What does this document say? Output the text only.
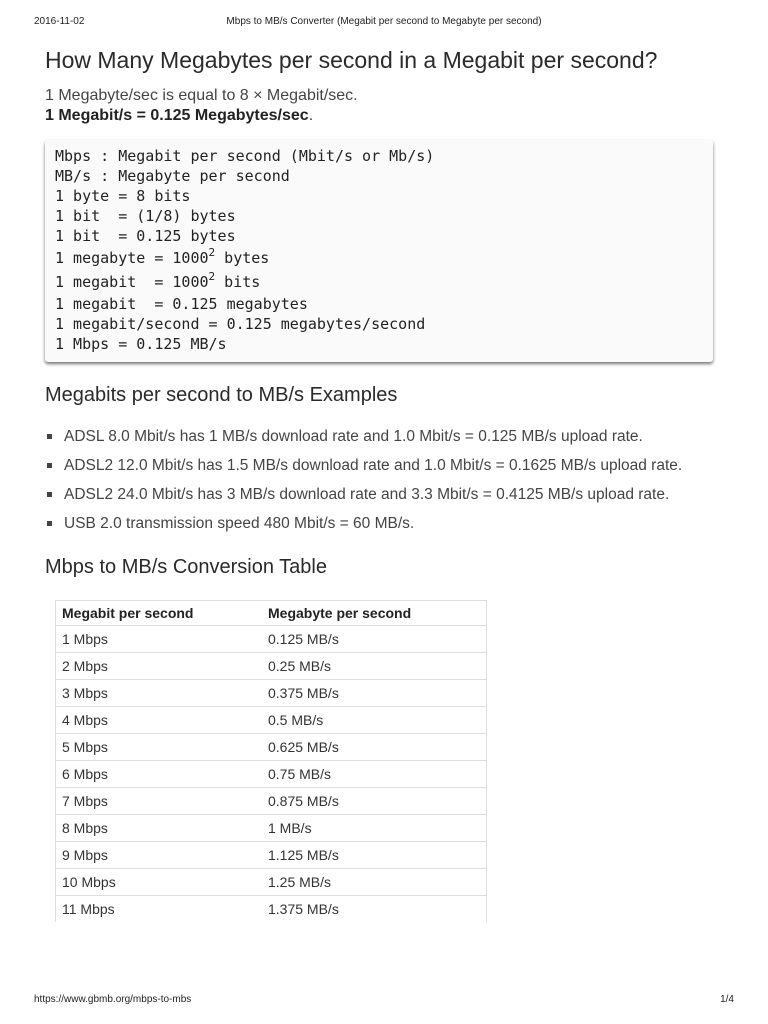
2016-11-02	Mbps to MB/s Converter (Megabit per second to Megabyte per second)
How Many Megabytes per second in a Megabit per second?
1 Megabyte/sec is equal to 8 × Megabit/sec.
1 Megabit/s = 0.125 Megabytes/sec.
Mbps : Megabit per second (Mbit/s or Mb/s)
MB/s : Megabyte per second
1 byte = 8 bits
1 bit  = (1/8) bytes
1 bit  = 0.125 bytes
1 megabyte = $1000^2$ bytes
1 megabit  = $1000^2$ bits
1 megabit  = 0.125 megabytes
1 megabit/second = 0.125 megabytes/second
1 Mbps = 0.125 MB/s
Megabits per second to MB/s Examples
ADSL 8.0 Mbit/s has 1 MB/s download rate and 1.0 Mbit/s = 0.125 MB/s upload rate.
ADSL2 12.0 Mbit/s has 1.5 MB/s download rate and 1.0 Mbit/s = 0.1625 MB/s upload rate.
ADSL2 24.0 Mbit/s has 3 MB/s download rate and 3.3 Mbit/s = 0.4125 MB/s upload rate.
USB 2.0 transmission speed 480 Mbit/s = 60 MB/s.
Mbps to MB/s Conversion Table
Megabit per second	Megabyte per second
1 Mbps	0.125 MB/s
2 Mbps	0.25 MB/s
3 Mbps	0.375 MB/s
4 Mbps	0.5 MB/s
5 Mbps	0.625 MB/s
6 Mbps	0.75 MB/s
7 Mbps	0.875 MB/s
8 Mbps	1 MB/s
9 Mbps	1.125 MB/s
10 Mbps	1.25 MB/s
11 Mbps	1.375 MB/s
https://www.gbmb.org/mbps-to-mbs	1/4
